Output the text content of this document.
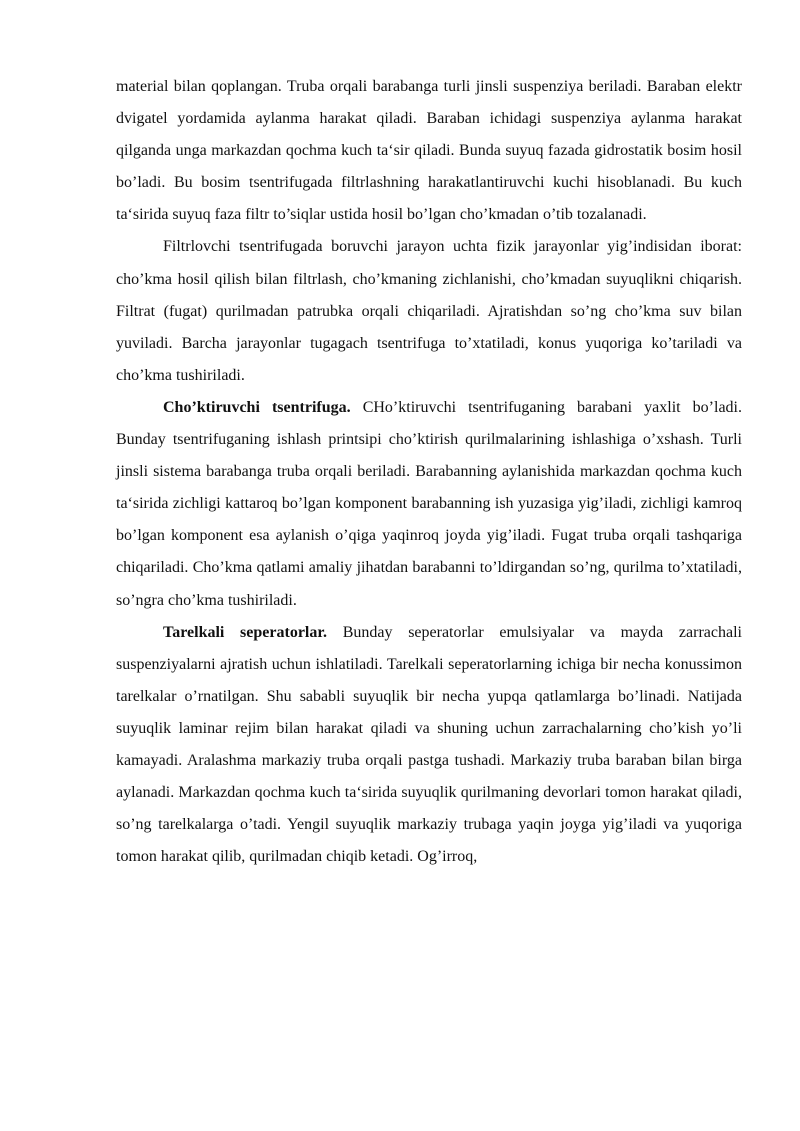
material bilan qoplangan. Truba orqali barabanga turli jinsli suspenziya beriladi. Baraban elektr dvigatel yordamida aylanma harakat qiladi. Baraban ichidagi suspenziya aylanma harakat qilganda unga markazdan qochma kuch ta‘sir qiladi. Bunda suyuq fazada gidrostatik bosim hosil bo’ladi. Bu bosim tsentrifugada filtrlashning harakatlantiruvchi kuchi hisoblanadi. Bu kuch ta‘sirida suyuq faza filtr to’siqlar ustida hosil bo’lgan cho’kmadan o’tib tozalanadi.

Filtrlovchi tsentrifugada boruvchi jarayon uchta fizik jarayonlar yig’indisidan iborat: cho’kma hosil qilish bilan filtrlash, cho’kmaning zichlanishi, cho’kmadan suyuqlikni chiqarish. Filtrat (fugat) qurilmadan patrubka orqali chiqariladi. Ajratishdan so’ng cho’kma suv bilan yuviladi. Barcha jarayonlar tugagach tsentrifuga to’xtatiladi, konus yuqoriga ko’tariladi va cho’kma tushiriladi.

Cho’ktiruvchi tsentrifuga. CHo’ktiruvchi tsentrifuganing barabani yaxlit bo’ladi. Bunday tsentrifuganing ishlash printsipi cho’ktirish qurilmalarining ishlashiga o’xshash. Turli jinsli sistema barabanga truba orqali beriladi. Barabanning aylanishida markazdan qochma kuch ta‘sirida zichligi kattaroq bo’lgan komponent barabanning ish yuzasiga yig’iladi, zichligi kamroq bo’lgan komponent esa aylanish o’qiga yaqinroq joyda yig’iladi. Fugat truba orqali tashqariga chiqariladi. Cho’kma qatlami amaliy jihatdan barabanni to’ldirgandan so’ng, qurilma to’xtatiladi, so’ngra cho’kma tushiriladi.

Tarelkali seperatorlar. Bunday seperatorlar emulsiyalar va mayda zarrachali suspenziyalarni ajratish uchun ishlatiladi. Tarelkali seperatorlarning ichiga bir necha konussimon tarelkalar o’rnatilgan. Shu sababli suyuqlik bir necha yupqa qatlamlarga bo’linadi. Natijada suyuqlik laminar rejim bilan harakat qiladi va shuning uchun zarrachalarning cho’kish yo’li kamayadi. Aralashma markaziy truba orqali pastga tushadi. Markaziy truba baraban bilan birga aylanadi. Markazdan qochma kuch ta‘sirida suyuqlik qurilmaning devorlari tomon harakat qiladi, so’ng tarelkalarga o’tadi. Yengil suyuqlik markaziy trubaga yaqin joyga yig’iladi va yuqoriga tomon harakat qilib, qurilmadan chiqib ketadi. Og’irroq,
